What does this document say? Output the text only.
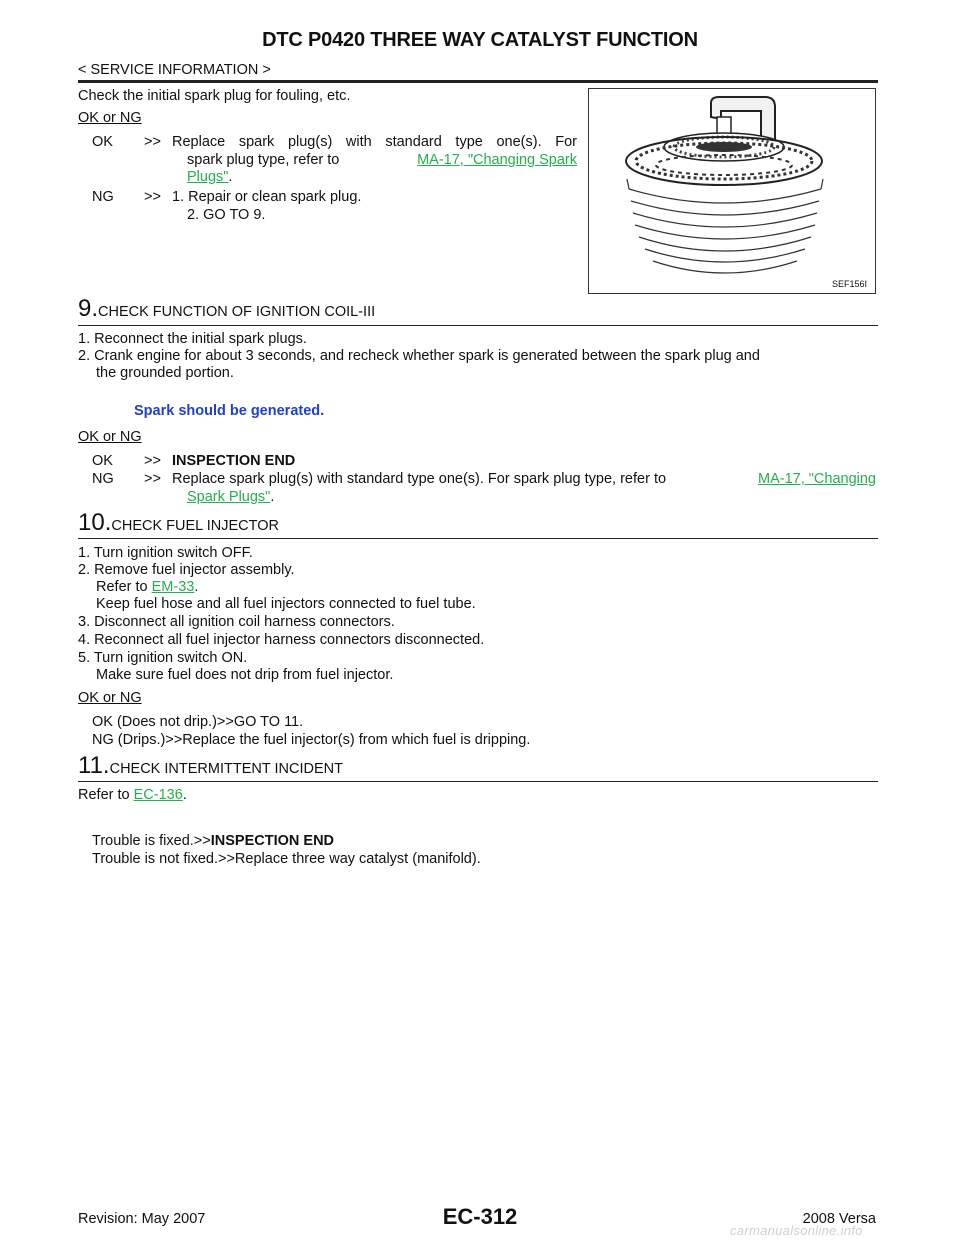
DTC P0420 THREE WAY CATALYST FUNCTION
< SERVICE INFORMATION >
Check the initial spark plug for fouling, etc.
OK or NG
OK >> Replace spark plug(s) with standard type one(s). For
spark plug type, refer to	MA-17, "Changing Spark
Plugs".
NG >> 1. Repair or clean spark plug.
2. GO TO 9.
SEF156I
9.CHECK FUNCTION OF IGNITION COIL-III
1. Reconnect the initial spark plugs.
2. Crank engine for about 3 seconds, and recheck whether spark is generated between the spark plug and
the grounded portion.
Spark should be generated.
OK or NG
OK >> INSPECTION END
NG >> Replace spark plug(s) with standard type one(s). For spark plug type, refer to	MA-17, "Changing
Spark Plugs".
10.CHECK FUEL INJECTOR
1. Turn ignition switch OFF.
2. Remove fuel injector assembly.
Refer to EM-33.
Keep fuel hose and all fuel injectors connected to fuel tube.
3. Disconnect all ignition coil harness connectors.
4. Reconnect all fuel injector harness connectors disconnected.
5. Turn ignition switch ON.
Make sure fuel does not drip from fuel injector.
OK or NG
OK (Does not drip.)>>GO TO 11.
NG (Drips.)>>Replace the fuel injector(s) from which fuel is dripping.
11.CHECK INTERMITTENT INCIDENT
Refer to EC-136.
Trouble is fixed.>>INSPECTION END
Trouble is not fixed.>>Replace three way catalyst (manifold).
Revision: May 2007	EC-312	2008 Versa
carmanualsonline.info
